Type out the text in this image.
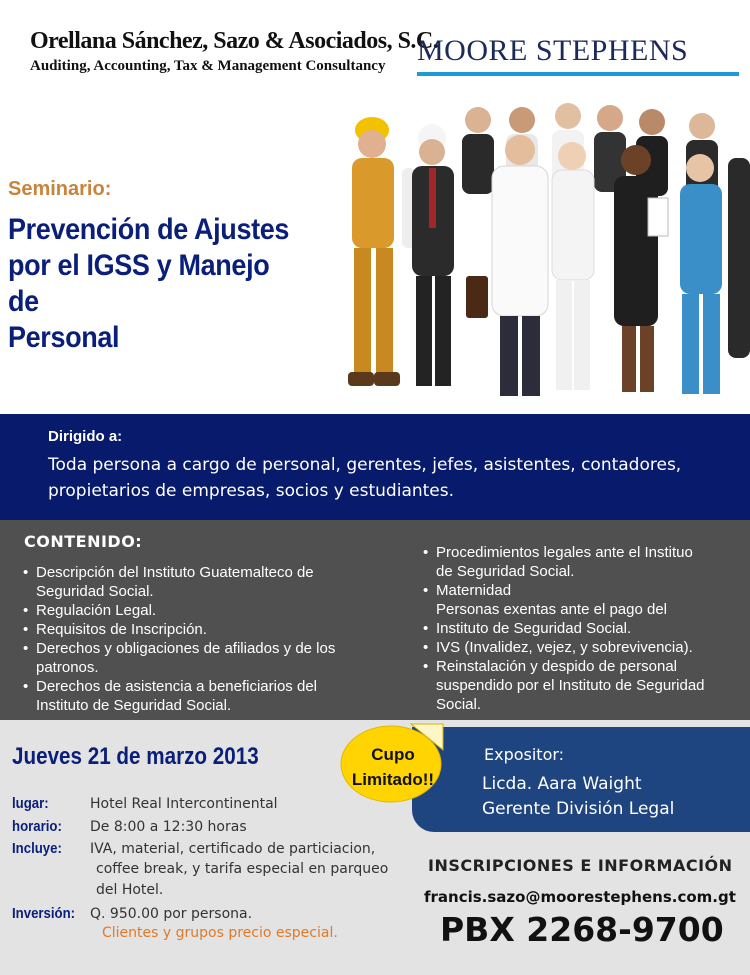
Orellana Sánchez, Sazo & Asociados, S.C.
Auditing, Accounting, Tax & Management Consultancy MOORE STEPHENS
Seminario:
Prevención de Ajustes
por el IGSS y Manejo de
Personal
Dirigido a:
Toda persona a cargo de personal, gerentes, jefes, asistentes, contadores,
propietarios de empresas, socios y estudiantes.
CONTENIDO:
• Descripción del Instituto Guatemalteco de
Seguridad Social.
• Regulación Legal.
• Requisitos de Inscripción.
• Derechos y obligaciones de afiliados y de los
patronos.
• Derechos de asistencia a beneficiarios del
Instituto de Seguridad Social.
• Procedimientos legales ante el Instituo
de Seguridad Social.
• Maternidad
Personas exentas ante el pago del
• Instituto de Seguridad Social.
• IVS (Invalidez, vejez, y sobrevivencia).
• Reinstalación y despido de personal
suspendido por el Instituto de Seguridad
Social.
Jueves 21 de marzo 2013
lugar:	Hotel Real Intercontinental
horario: De 8:00 a 12:30 horas
Incluye: IVA, material, certificado de particiacion,
coffee break, y tarifa especial en parqueo
del Hotel.
Inversión: Q. 950.00 por persona.
Clientes y grupos precio especial.
Expositor:
Licda. Aara Waight
Gerente División Legal
Cupo
Limitado!!
INSCRIPCIONES E INFORMACIÓN
francis.sazo@moorestephens.com.gt
PBX 2268-9700
